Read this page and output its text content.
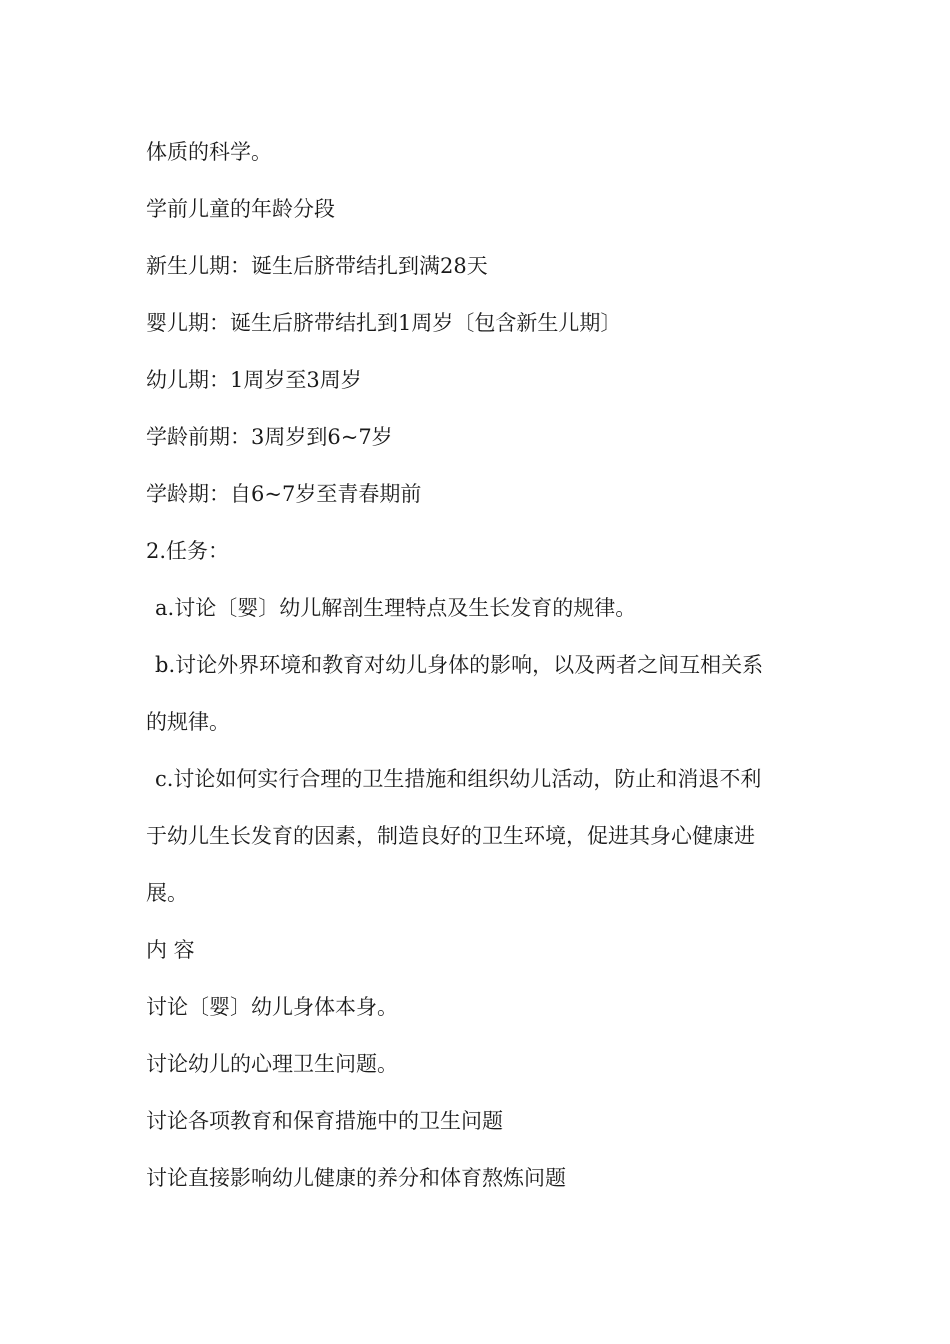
体质的科学。
学前儿童的年龄分段
新生儿期：诞生后脐带结扎到满28天
婴儿期：诞生后脐带结扎到1周岁〔包含新生儿期〕
幼儿期：1周岁至3周岁
学龄前期：3周岁到6~7岁
学龄期：自6~7岁至青春期前
2.任务：
a.讨论〔婴〕幼儿解剖生理特点及生长发育的规律。
b.讨论外界环境和教育对幼儿身体的影响，以及两者之间互相关系
的规律。
c.讨论如何实行合理的卫生措施和组织幼儿活动，防止和消退不利
于幼儿生长发育的因素，制造良好的卫生环境，促进其身心健康进
展。
内 容
讨论〔婴〕幼儿身体本身。
讨论幼儿的心理卫生问题。
讨论各项教育和保育措施中的卫生问题
讨论直接影响幼儿健康的养分和体育熬炼问题
